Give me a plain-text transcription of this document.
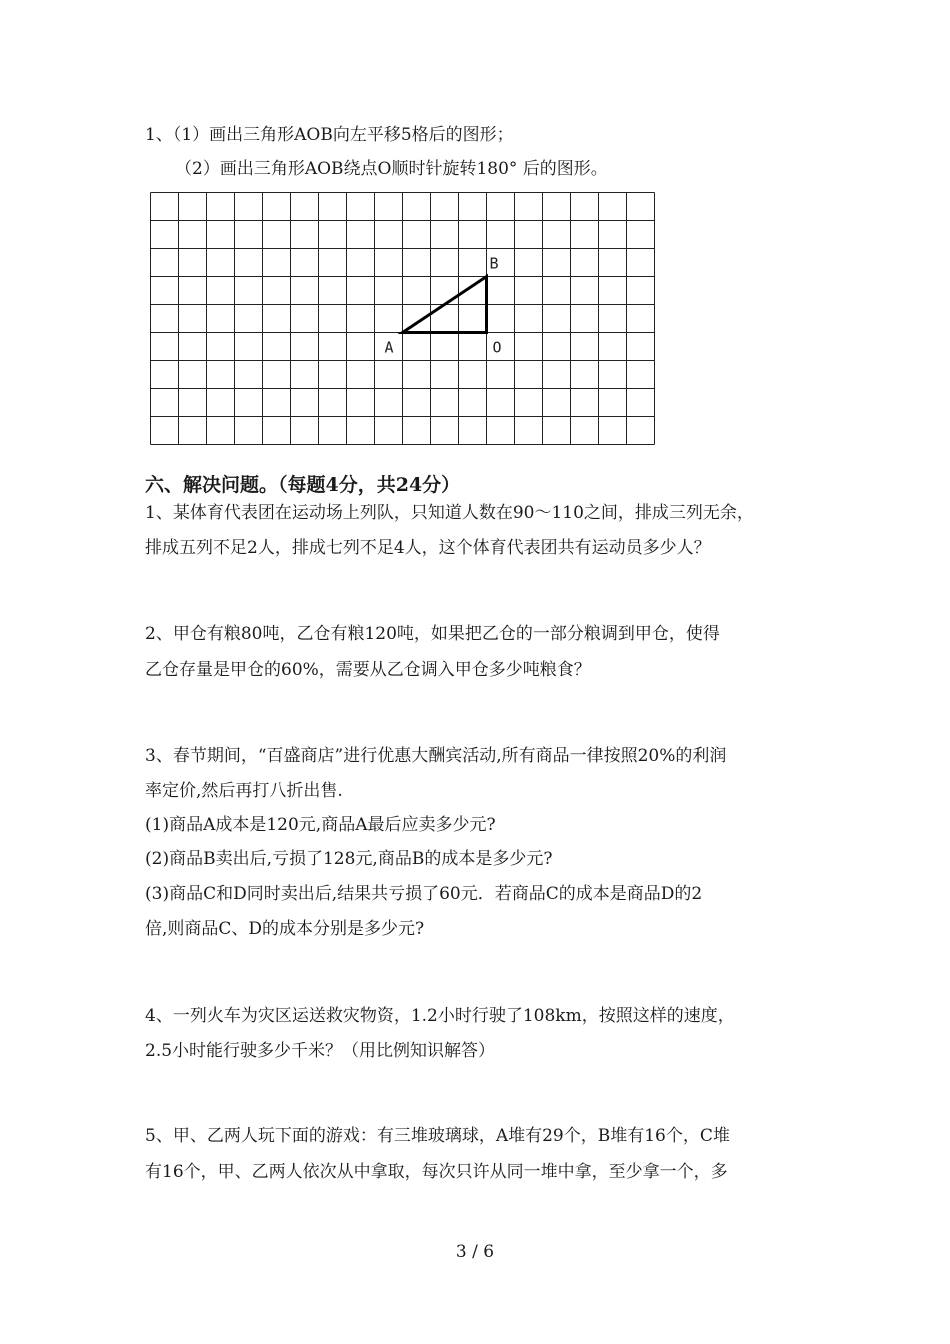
1、（1）画出三角形AOB向左平移5格后的图形；
（2）画出三角形AOB绕点O顺时针旋转180° 后的图形。
A	O
B
六、解决问题。（每题4分，共24分）
1、某体育代表团在运动场上列队，只知道人数在90～110之间，排成三列无余，
排成五列不足2人，排成七列不足4人，这个体育代表团共有运动员多少人？
2、甲仓有粮80吨，乙仓有粮120吨，如果把乙仓的一部分粮调到甲仓，使得
乙仓存量是甲仓的60%，需要从乙仓调入甲仓多少吨粮食？
3、春节期间，“百盛商店”进行优惠大酬宾活动,所有商品一律按照20%的利润
率定价,然后再打八折出售.
(1)商品A成本是120元,商品A最后应卖多少元?
(2)商品B卖出后,亏损了128元,商品B的成本是多少元?
(3)商品C和D同时卖出后,结果共亏损了60元．若商品C的成本是商品D的2
倍,则商品C、D的成本分别是多少元?
4、一列火车为灾区运送救灾物资，1.2小时行驶了108km，按照这样的速度，
2.5小时能行驶多少千米？（用比例知识解答）
5、甲、乙两人玩下面的游戏：有三堆玻璃球，A堆有29个，B堆有16个，C堆
有16个，甲、乙两人依次从中拿取，每次只许从同一堆中拿，至少拿一个，多
3 / 6
